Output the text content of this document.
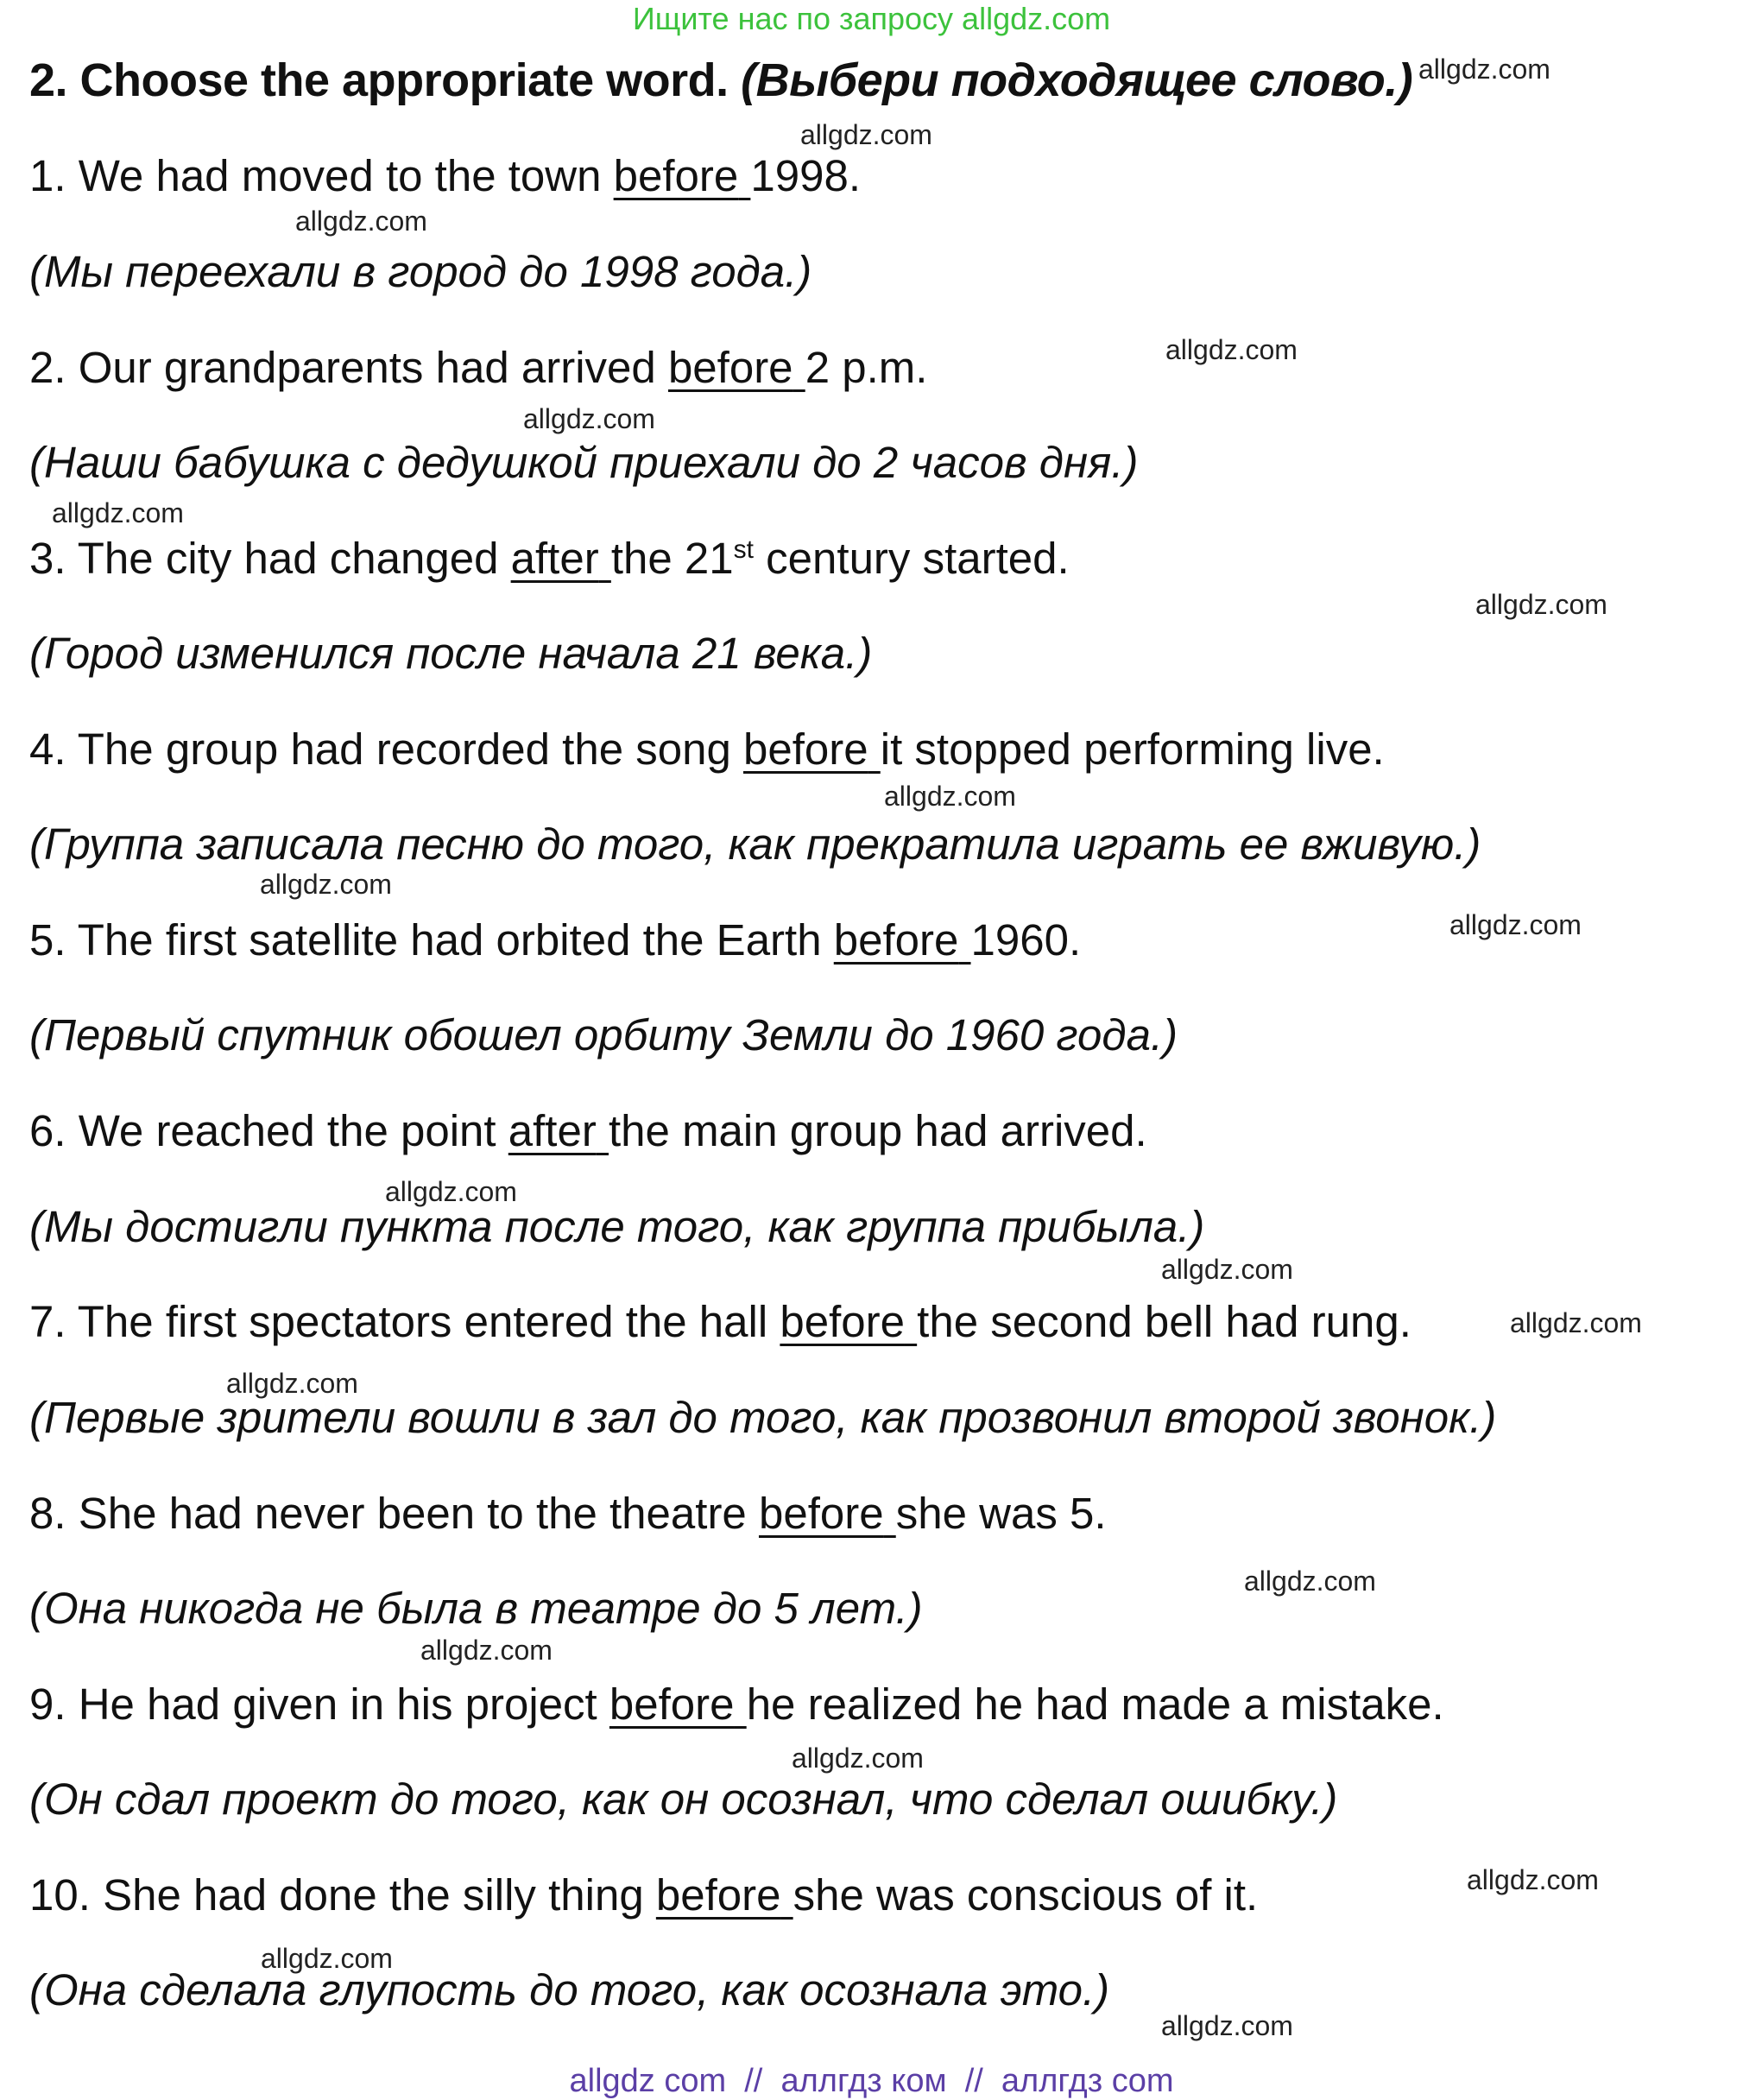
Ищите нас по запросу allgdz.com
2. Choose the appropriate word. (Выбери подходящее слово.)
1. We had moved to the town before 1998.
(Мы переехали в город до 1998 года.)
2. Our grandparents had arrived before 2 p.m.
(Наши бабушка с дедушкой приехали до 2 часов дня.)
3. The city had changed after the 21st century started.
(Город изменился после начала 21 века.)
4. The group had recorded the song before it stopped performing live.
(Группа записала песню до того, как прекратила играть ее вживую.)
5. The first satellite had orbited the Earth before 1960.
(Первый спутник обошел орбиту Земли до 1960 года.)
6. We reached the point after the main group had arrived.
(Мы достигли пункта после того, как группа прибыла.)
7. The first spectators entered the hall before the second bell had rung.
(Первые зрители вошли в зал до того, как прозвонил второй звонок.)
8. She had never been to the theatre before she was 5.
(Она никогда не была в театре до 5 лет.)
9. He had given in his project before he realized he had made a mistake.
(Он сдал проект до того, как он осознал, что сделал ошибку.)
10. She had done the silly thing before she was conscious of it.
(Она сделала глупость до того, как осознала это.)
allgdz.com
allgdz.com
allgdz.com
allgdz.com
allgdz.com
allgdz.com
allgdz.com
allgdz.com
allgdz.com
allgdz.com
allgdz.com
allgdz.com
allgdz.com
allgdz.com
allgdz.com
allgdz.com
allgdz.com
allgdz.com
allgdz.com
allgdz.com
allgdz com  //  аллгдз ком  //  аллгдз сom
